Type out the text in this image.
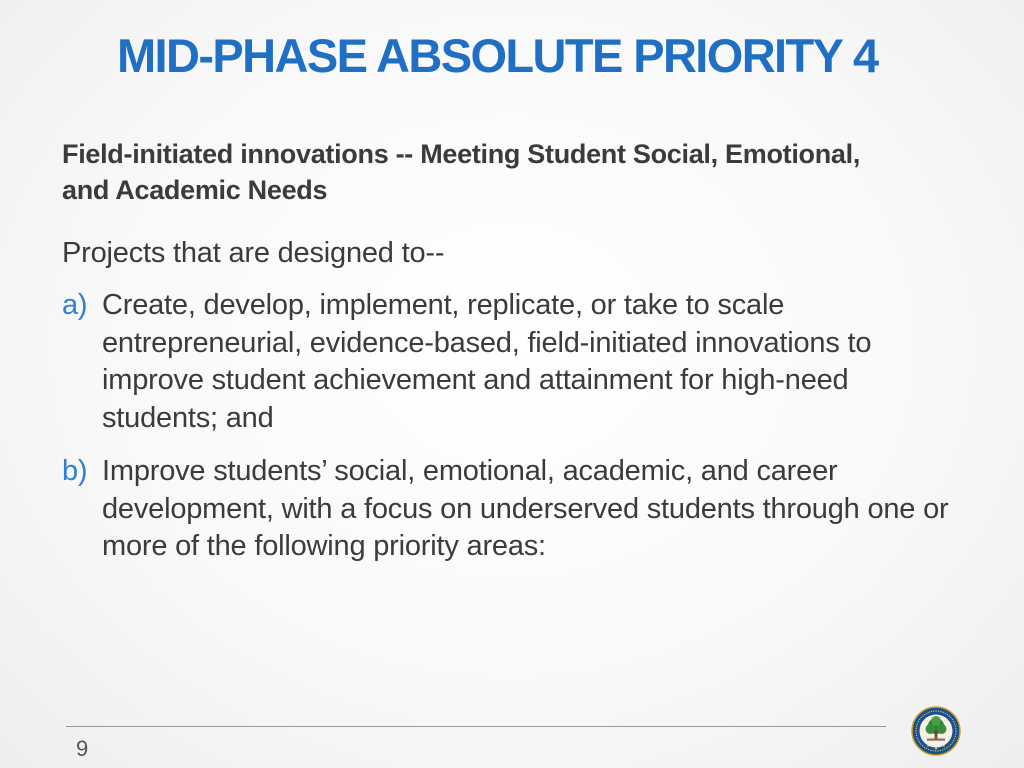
MID-PHASE ABSOLUTE PRIORITY 4

Field-initiated innovations -- Meeting Student Social, Emotional, and Academic Needs

Projects that are designed to--

a) Create, develop, implement, replicate, or take to scale entrepreneurial, evidence-based, field-initiated innovations to improve student achievement and attainment for high-need students; and
b) Improve students’ social, emotional, academic, and career development, with a focus on underserved students through one or more of the following priority areas:
9
